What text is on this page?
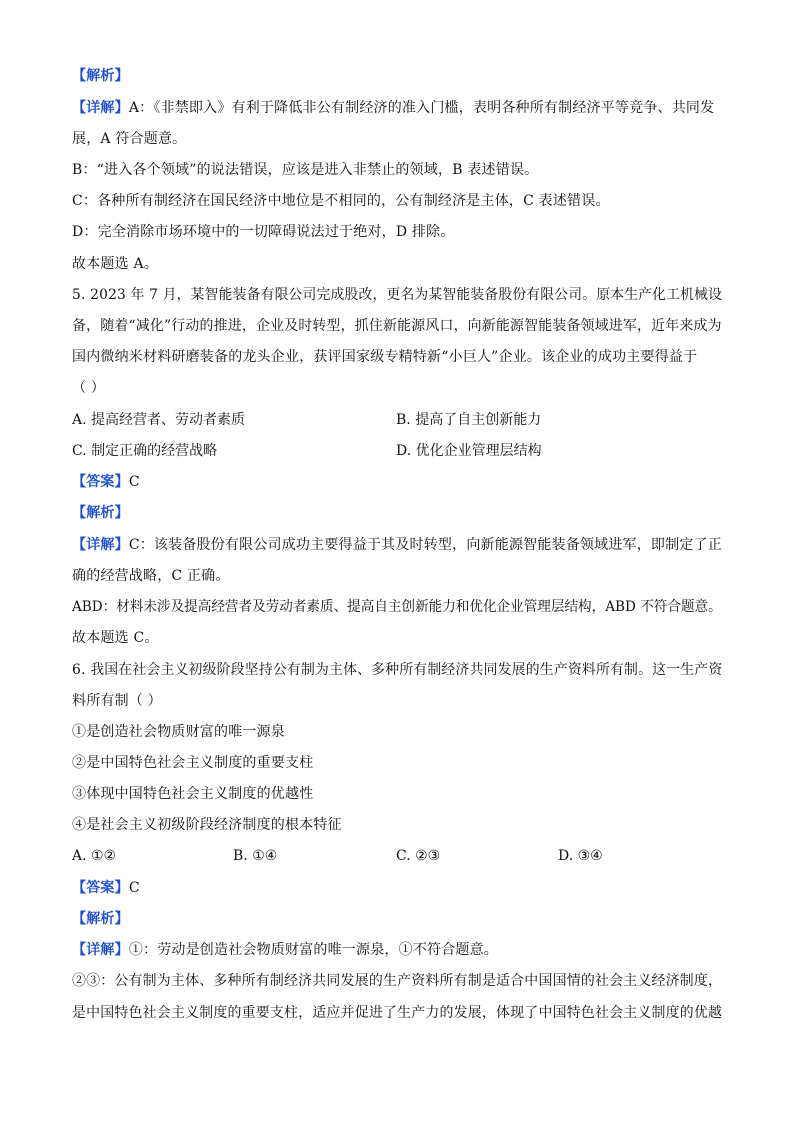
【解析】
【详解】A：《非禁即入》有利于降低非公有制经济的准入门槛，表明各种所有制经济平等竞争、共同发
展，A 符合题意。
B：“进入各个领域”的说法错误，应该是进入非禁止的领域，B 表述错误。
C：各种所有制经济在国民经济中地位是不相同的，公有制经济是主体，C 表述错误。
D：完全消除市场环境中的一切障碍说法过于绝对，D 排除。
故本题选 A。
5. 2023 年 7 月，某智能装备有限公司完成股改，更名为某智能装备股份有限公司。原本生产化工机械设
备，随着“减化”行动的推进，企业及时转型，抓住新能源风口，向新能源智能装备领域进军，近年来成为
国内微纳米材料研磨装备的龙头企业，获评国家级专精特新“小巨人”企业。该企业的成功主要得益于
（ ）
A. 提高经营者、劳动者素质	B. 提高了自主创新能力
C. 制定正确的经营战略	D. 优化企业管理层结构
【答案】C
【解析】
【详解】C：该装备股份有限公司成功主要得益于其及时转型，向新能源智能装备领域进军，即制定了正
确的经营战略，C 正确。
ABD：材料未涉及提高经营者及劳动者素质、提高自主创新能力和优化企业管理层结构，ABD 不符合题意。
故本题选 C。
6. 我国在社会主义初级阶段坚持公有制为主体、多种所有制经济共同发展的生产资料所有制。这一生产资
料所有制（ ）
①是创造社会物质财富的唯一源泉
②是中国特色社会主义制度的重要支柱
③体现中国特色社会主义制度的优越性
④是社会主义初级阶段经济制度的根本特征
A. ①②	B. ①④	C. ②③	D. ③④
【答案】C
【解析】
【详解】①：劳动是创造社会物质财富的唯一源泉，①不符合题意。
②③：公有制为主体、多种所有制经济共同发展的生产资料所有制是适合中国国情的社会主义经济制度，
是中国特色社会主义制度的重要支柱，适应并促进了生产力的发展，体现了中国特色社会主义制度的优越
